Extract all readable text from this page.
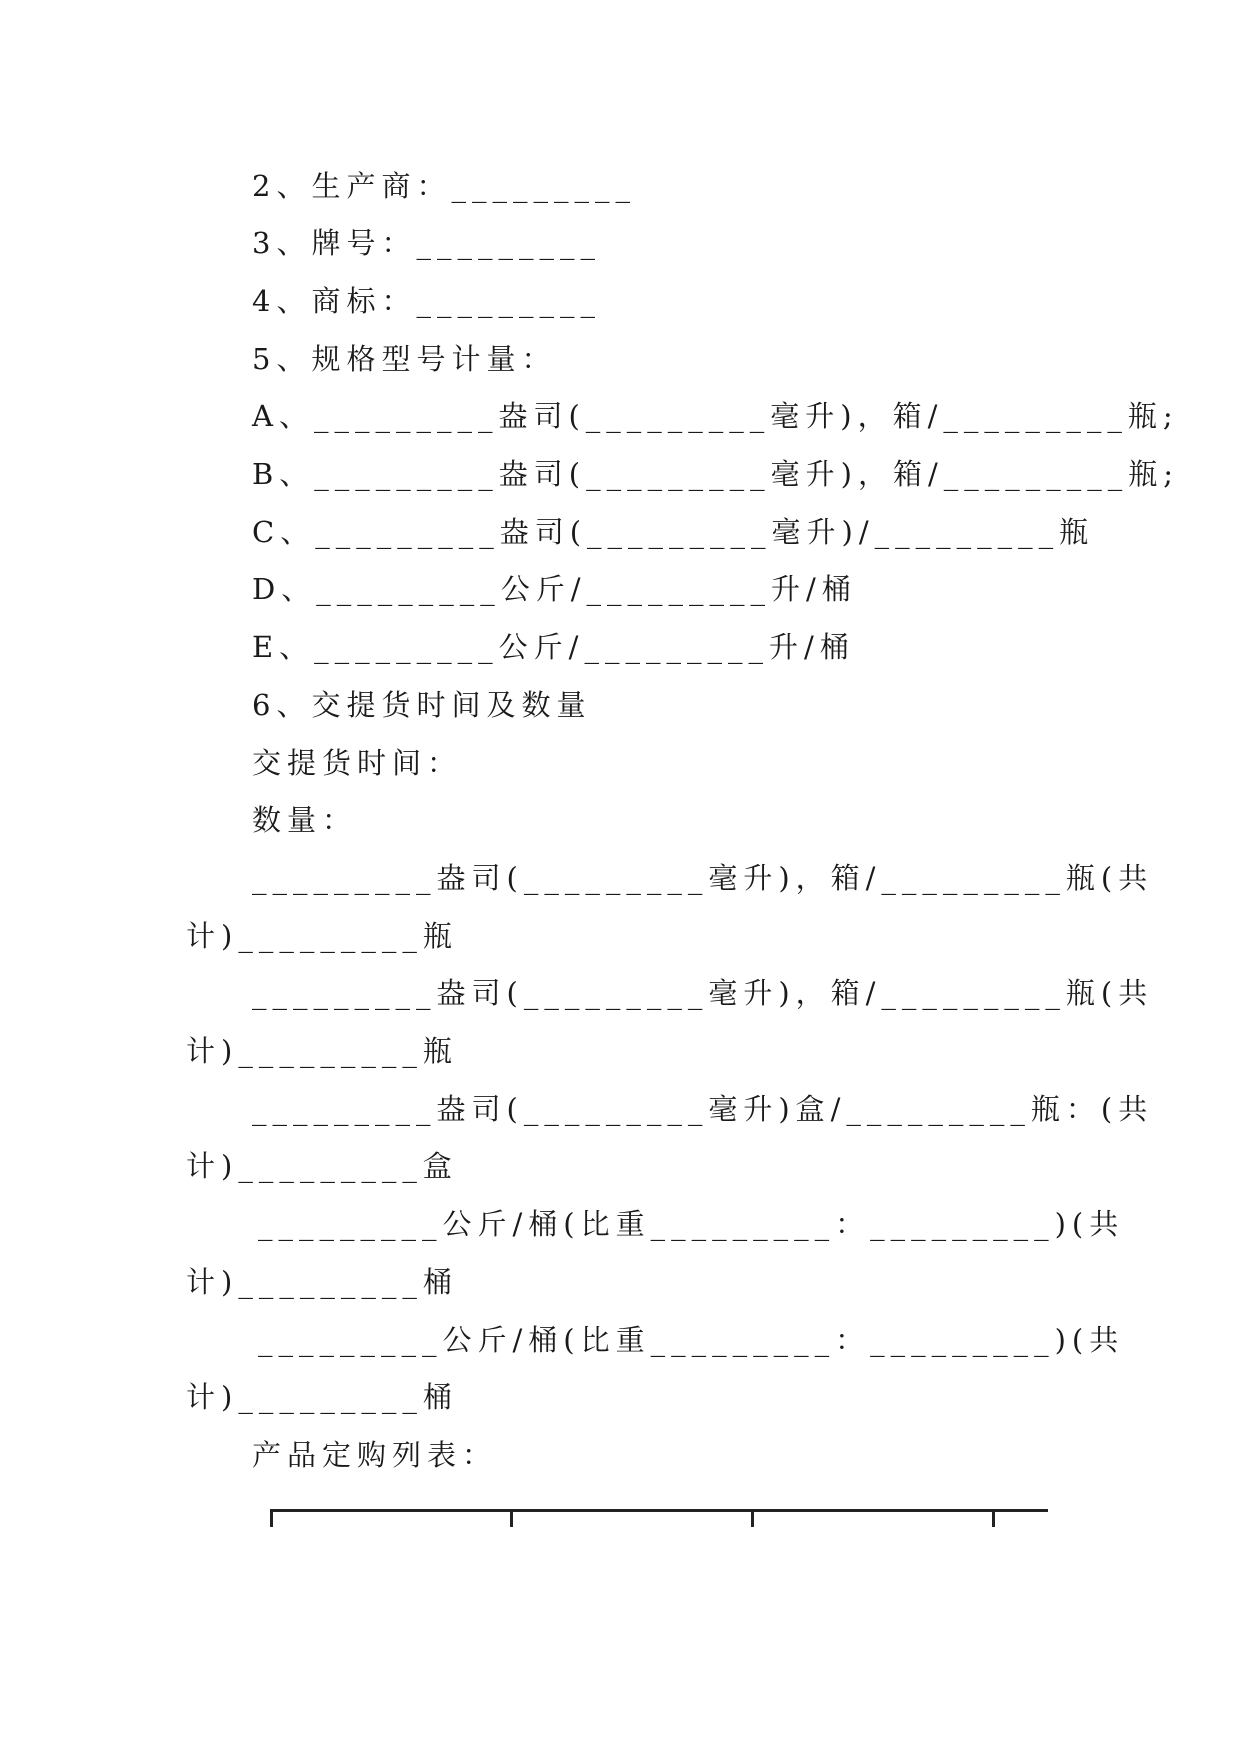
2、生产商：_________
3、牌号：_________
4、商标：_________
5、规格型号计量：
A、_________盎司(_________毫升)，箱/_________瓶;
B、_________盎司(_________毫升)，箱/_________瓶;
C、_________盎司(_________毫升)/_________瓶
D、_________公斤/_________升/桶
E、_________公斤/_________升/桶
6、交提货时间及数量
交提货时间：
数量：
_________盎司(_________毫升)，箱/_________瓶(共
计)_________瓶
_________盎司(_________毫升)，箱/_________瓶(共
计)_________瓶
_________盎司(_________毫升)盒/_________瓶：(共
计)_________盒
_________公斤/桶(比重_________：_________)(共
计)_________桶
_________公斤/桶(比重_________：_________)(共
计)_________桶
产品定购列表：
